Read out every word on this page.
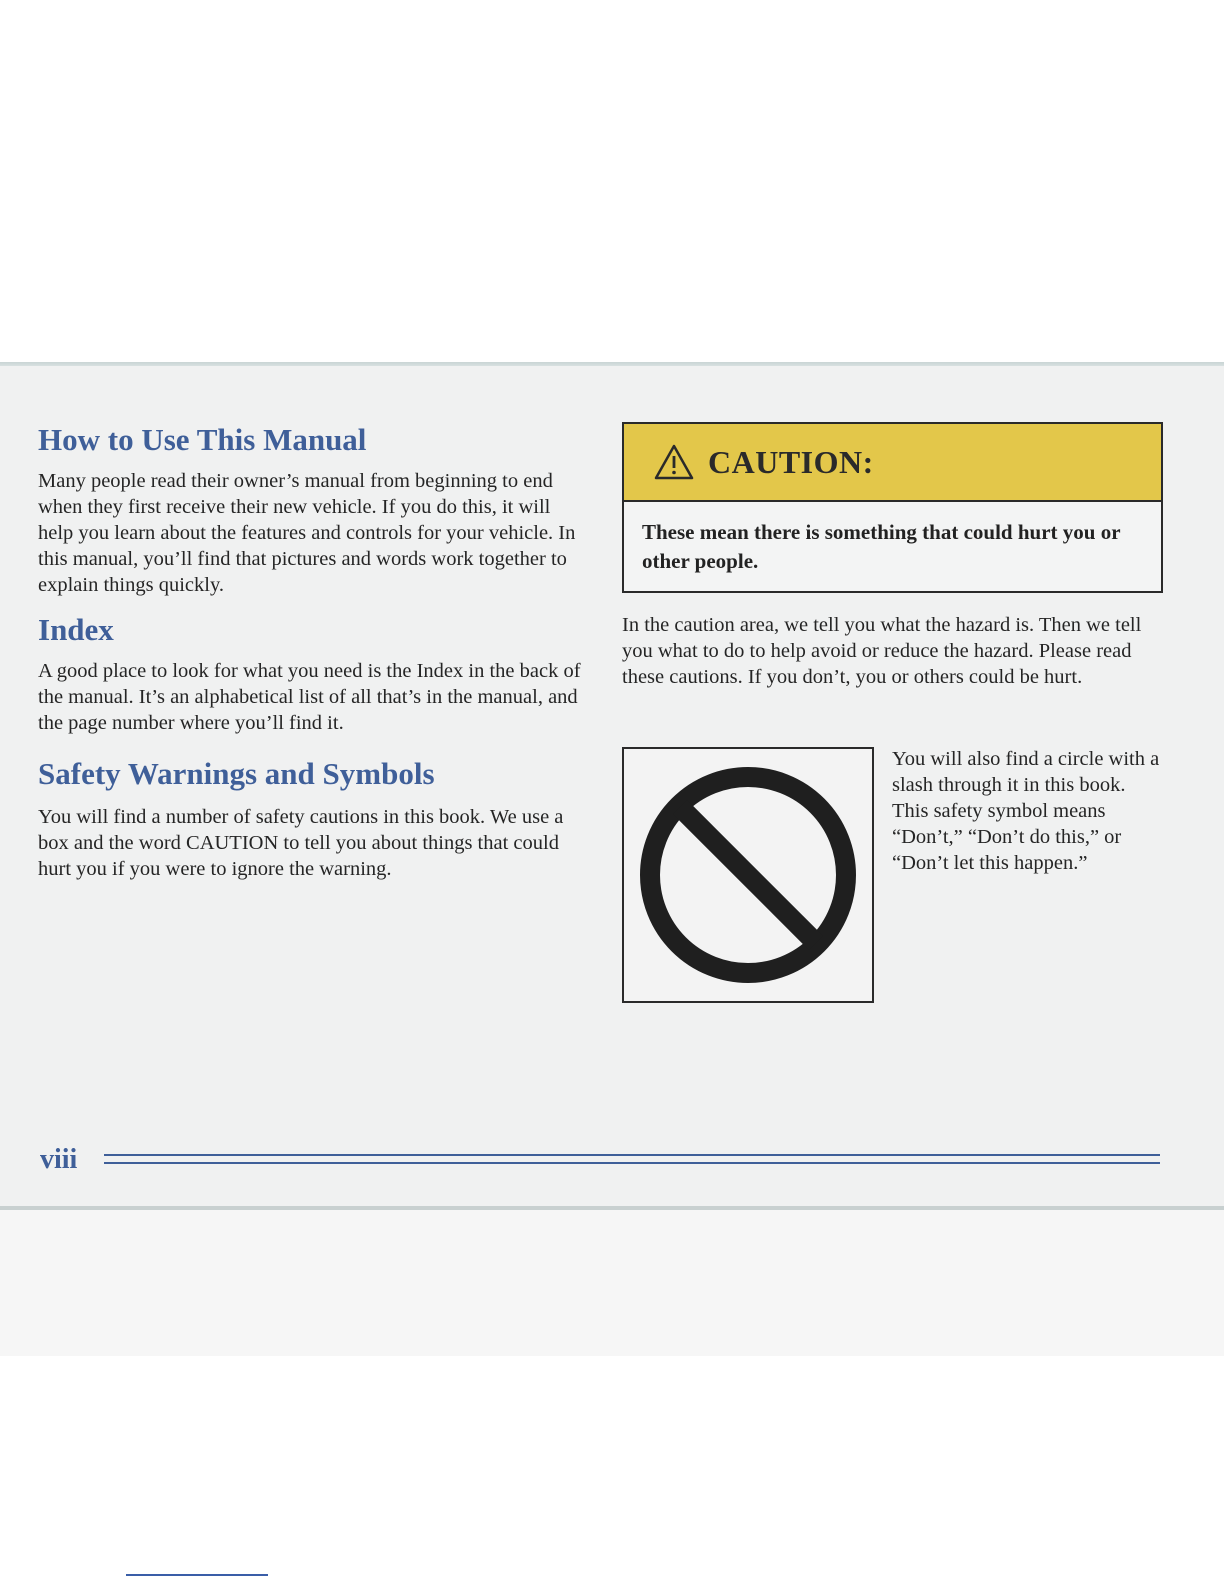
How to Use This Manual

Many people read their owner’s manual from beginning to end when they first receive their new vehicle. If you do this, it will help you learn about the features and controls for your vehicle. In this manual, you’ll find that pictures and words work together to explain things quickly.

Index

A good place to look for what you need is the Index in the back of the manual. It’s an alphabetical list of all that’s in the manual, and the page number where you’ll find it.

Safety Warnings and Symbols

You will find a number of safety cautions in this book. We use a box and the word CAUTION to tell you about things that could hurt you if you were to ignore the warning.

CAUTION:
These mean there is something that could hurt you or other people.

In the caution area, we tell you what the hazard is. Then we tell you what to do to help avoid or reduce the hazard. Please read these cautions. If you don’t, you or others could be hurt.

You will also find a circle with a slash through it in this book. This safety symbol means “Don’t,” “Don’t do this,” or “Don’t let this happen.”

viii
